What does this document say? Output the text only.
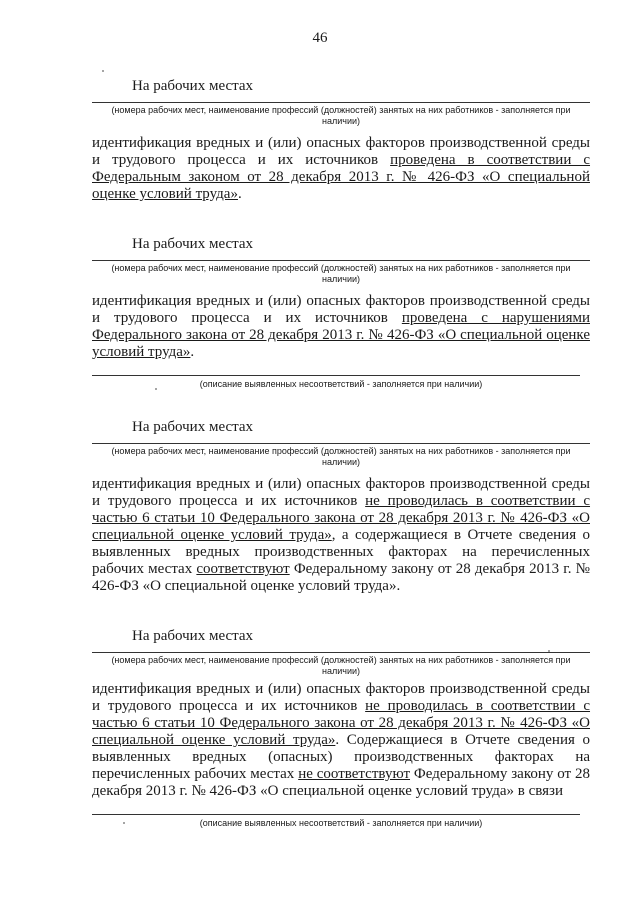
46
На рабочих местах
(номера рабочих мест, наименование профессий (должностей) занятых на них работников - заполняется при наличии)
идентификация вредных и (или) опасных факторов производственной среды и трудового процесса и их источников проведена в соответствии с Федеральным законом от 28 декабря 2013 г. № 426-ФЗ «О специальной оценке условий труда».
На рабочих местах
(номера рабочих мест, наименование профессий (должностей) занятых на них работников - заполняется при наличии)
идентификация вредных и (или) опасных факторов производственной среды и трудового процесса и их источников проведена с нарушениями Федерального закона от 28 декабря 2013 г. № 426-ФЗ «О специальной оценке условий труда».
(описание выявленных несоответствий - заполняется при наличии)
На рабочих местах
(номера рабочих мест, наименование профессий (должностей) занятых на них работников - заполняется при наличии)
идентификация вредных и (или) опасных факторов производственной среды и трудового процесса и их источников не проводилась в соответствии с частью 6 статьи 10 Федерального закона от 28 декабря 2013 г. № 426-ФЗ «О специальной оценке условий труда», а содержащиеся в Отчете сведения о выявленных вредных производственных факторах на перечисленных рабочих местах соответствуют Федеральному закону от 28 декабря 2013 г. № 426-ФЗ «О специальной оценке условий труда».
На рабочих местах
(номера рабочих мест, наименование профессий (должностей) занятых на них работников - заполняется при наличии)
идентификация вредных и (или) опасных факторов производственной среды и трудового процесса и их источников не проводилась в соответствии с частью 6 статьи 10 Федерального закона от 28 декабря 2013 г. № 426-ФЗ «О специальной оценке условий труда». Содержащиеся в Отчете сведения о выявленных вредных (опасных) производственных факторах на перечисленных рабочих местах не соответствуют Федеральному закону от 28 декабря 2013 г. № 426-ФЗ «О специальной оценке условий труда» в связи
(описание выявленных несоответствий - заполняется при наличии)
